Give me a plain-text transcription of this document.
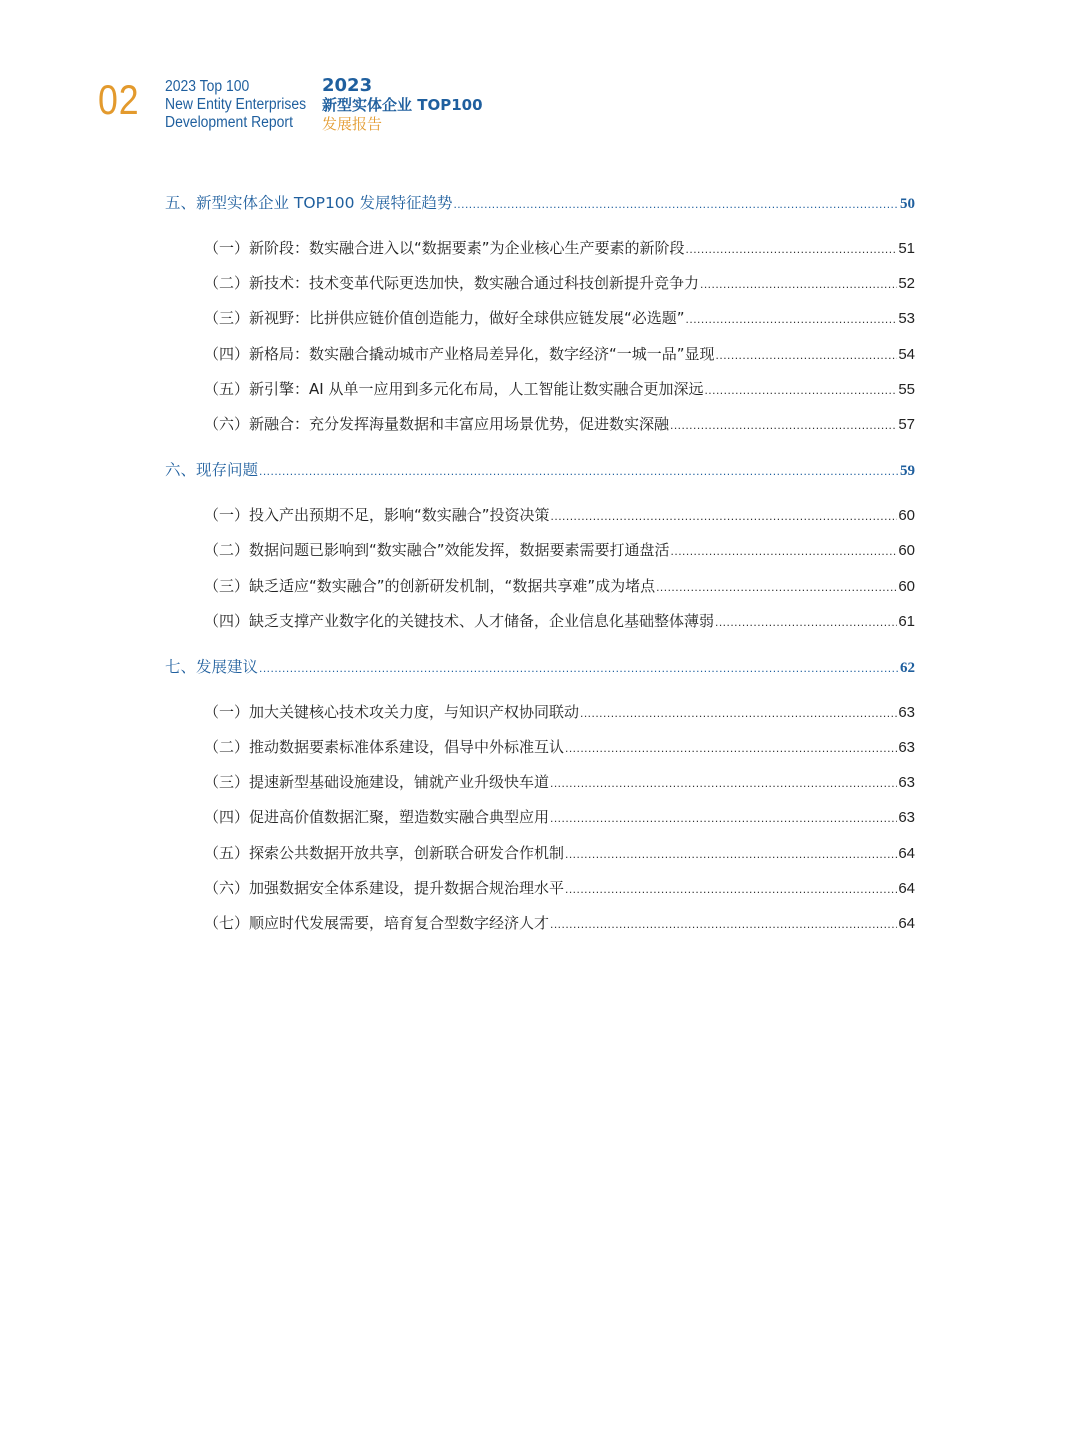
02 2023 Top 100
New Entity Enterprises
Development Report
2023
新型实体企业 TOP100
发展报告
五、新型实体企业 TOP100 发展特征趋势 .....	50
（一）新阶段：数实融合进入以“数据要素”为企业核心生产要素的新阶段 .....	51
（二）新技术：技术变革代际更迭加快，数实融合通过科技创新提升竞争力 .....	52
（三）新视野：比拼供应链价值创造能力，做好全球供应链发展“必选题” .....	53
（四）新格局：数实融合撬动城市产业格局差异化，数字经济“一城一品”显现 .....	54
（五）新引擎：AI 从单一应用到多元化布局，人工智能让数实融合更加深远 .....	55
（六）新融合：充分发挥海量数据和丰富应用场景优势，促进数实深融 .....	57
六、现存问题 .....	59
（一）投入产出预期不足，影响“数实融合”投资决策 .....	60
（二）数据问题已影响到“数实融合”效能发挥，数据要素需要打通盘活 .....	60
（三）缺乏适应“数实融合”的创新研发机制，“数据共享难”成为堵点 .....	60
（四）缺乏支撑产业数字化的关键技术、人才储备，企业信息化基础整体薄弱 .....	61
七、发展建议 .....	62
（一）加大关键核心技术攻关力度，与知识产权协同联动 .....	63
（二）推动数据要素标准体系建设，倡导中外标准互认 .....	63
（三）提速新型基础设施建设，铺就产业升级快车道 .....	63
（四）促进高价值数据汇聚，塑造数实融合典型应用 .....	63
（五）探索公共数据开放共享，创新联合研发合作机制 .....	64
（六）加强数据安全体系建设，提升数据合规治理水平 .....	64
（七）顺应时代发展需要，培育复合型数字经济人才 .....	64
